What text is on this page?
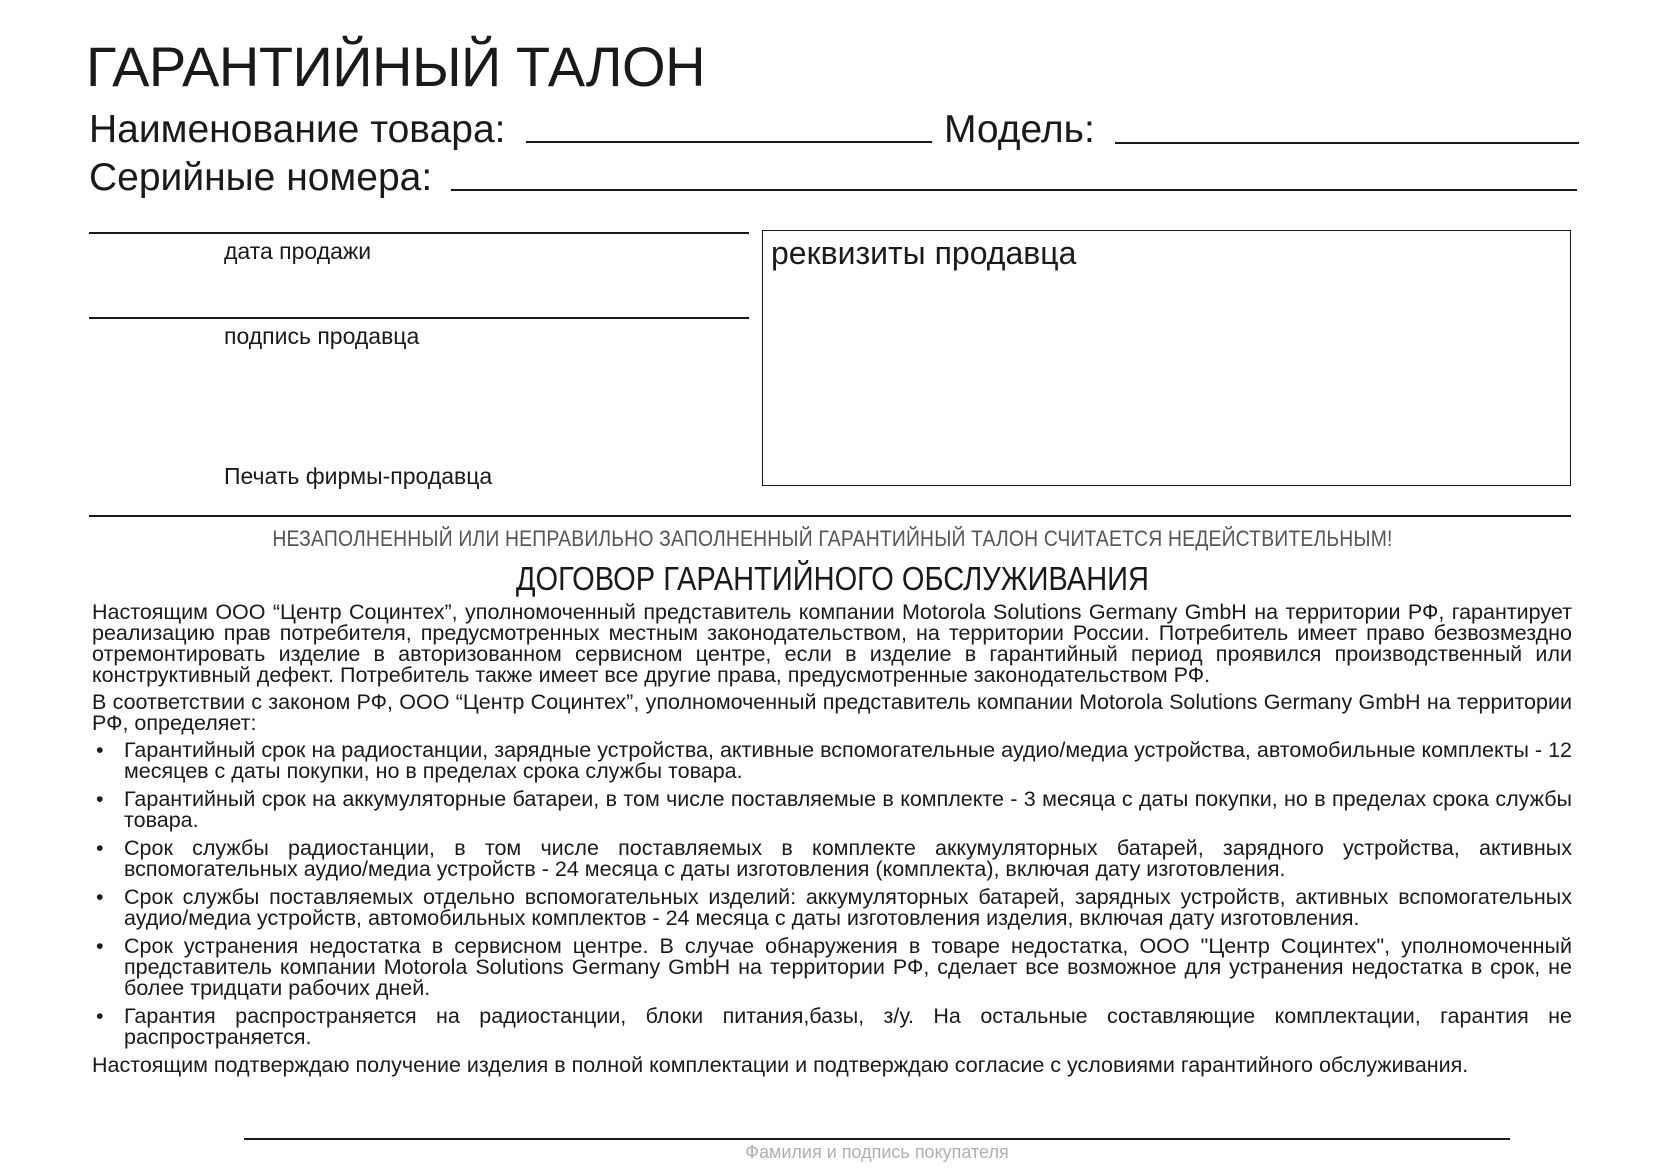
ГАРАНТИЙНЫЙ ТАЛОН
Наименование товара:	Модель:
Серийные номера:
дата продажи
подпись продавца
Печать фирмы-продавца
реквизиты продавца
НЕЗАПОЛНЕННЫЙ ИЛИ НЕПРАВИЛЬНО ЗАПОЛНЕННЫЙ ГАРАНТИЙНЫЙ ТАЛОН СЧИТАЕТСЯ НЕДЕЙСТВИТЕЛЬНЫМ!
ДОГОВОР ГАРАНТИЙНОГО ОБСЛУЖИВАНИЯ

Настоящим ООО “Центр Социнтех”, уполномоченный представитель компании Motorola Solutions Germany GmbH на территории РФ, гарантирует реализацию прав потребителя, предусмотренных местным законодательством, на территории России. Потребитель имеет право безвозмездно отремонтировать изделие в авторизованном сервисном центре, если в изделие в гарантийный период проявился производственный или конструктивный дефект. Потребитель также имеет все другие права, предусмотренные законодательством РФ.

В соответствии с законом РФ, ООО “Центр Социнтех”, уполномоченный представитель компании Motorola Solutions Germany GmbH на территории РФ, определяет:

• Гарантийный срок на радиостанции, зарядные устройства, активные вспомогательные аудио/медиа устройства, автомобильные комплекты - 12 месяцев с даты покупки, но в пределах срока службы товара.
• Гарантийный срок на аккумуляторные батареи, в том числе поставляемые в комплекте - 3 месяца с даты покупки, но в пределах срока службы товара.
• Срок службы радиостанции, в том числе поставляемых в комплекте аккумуляторных батарей, зарядного устройства, активных вспомогательных аудио/медиа устройств - 24 месяца с даты изготовления (комплекта), включая дату изготовления.
• Срок службы поставляемых отдельно вспомогательных изделий: аккумуляторных батарей, зарядных устройств, активных вспомогательных аудио/медиа устройств, автомобильных комплектов - 24 месяца с даты изготовления изделия, включая дату изготовления.
• Срок устранения недостатка в сервисном центре. В случае обнаружения в товаре недостатка, ООО "Центр Социнтех", уполномоченный представитель компании Motorola Solutions Germany GmbH на территории РФ, сделает все возможное для устранения недостатка в срок, не более тридцати рабочих дней.
• Гарантия распространяется на радиостанции, блоки питания,базы, з/у. На остальные составляющие комплектации, гарантия не распространяется.

Настоящим подтверждаю получение изделия в полной комплектации и подтверждаю согласие с условиями гарантийного обслуживания.

Фамилия и подпись покупателя
